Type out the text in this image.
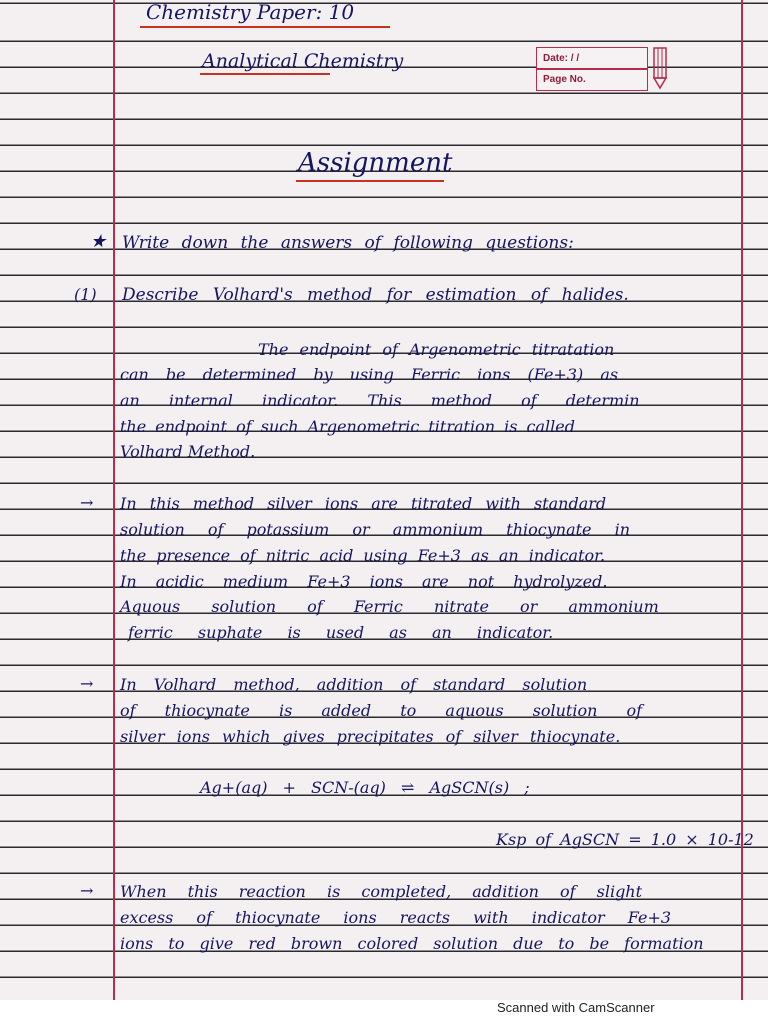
Chemistry Paper: 10
Analytical Chemistry	Date: / /
Page No.
Assignment
★ Write down the answers of following questions:
(1) Describe Volhard's method for estimation of halides.
The endpoint of Argenometric titratation
can be determined by using Ferric ions (Fe+3) as
an internal indicator. This method of determin
the endpoint of such Argenometric titration is called
Volhard Method.
→ In this method silver ions are titrated with standard
solution of potassium or ammonium thiocynate in
the presence of nitric acid using Fe+3 as an indicator.
In acidic medium Fe+3 ions are not hydrolyzed.
Aquous solution of Ferric nitrate or ammonium
ferric suphate is used as an indicator.
→ In Volhard method, addition of standard solution
of thiocynate is added to aquous solution of
silver ions which gives precipitates of silver thiocynate.
Ag+(aq) + SCN-(aq) ⇌ AgSCN(s) ;
Ksp of AgSCN = 1.0 × 10-12
→ When this reaction is completed, addition of slight
excess of thiocynate ions reacts with indicator Fe+3
ions to give red brown colored solution due to be formation
Scanned with CamScanner
